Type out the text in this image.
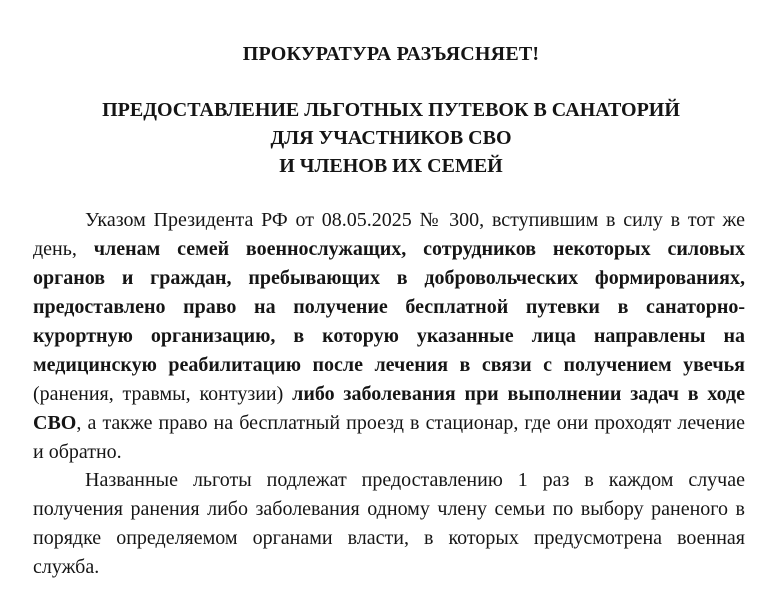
ПРОКУРАТУРА РАЗЪЯСНЯЕТ!

ПРЕДОСТАВЛЕНИЕ ЛЬГОТНЫХ ПУТЕВОК В САНАТОРИЙ
ДЛЯ УЧАСТНИКОВ СВО
И ЧЛЕНОВ ИХ СЕМЕЙ

Указом Президента РФ от 08.05.2025 № 300, вступившим в силу в тот же день, членам семей военнослужащих, сотрудников некоторых силовых органов и граждан, пребывающих в добровольческих формированиях, предоставлено право на получение бесплатной путевки в санаторно-курортную организацию, в которую указанные лица направлены на медицинскую реабилитацию после лечения в связи с получением увечья (ранения, травмы, контузии) либо заболевания при выполнении задач в ходе СВО, а также право на бесплатный проезд в стационар, где они проходят лечение и обратно.

Названные льготы подлежат предоставлению 1 раз в каждом случае получения ранения либо заболевания одному члену семьи по выбору раненого в порядке определяемом органами власти, в которых предусмотрена военная служба.
